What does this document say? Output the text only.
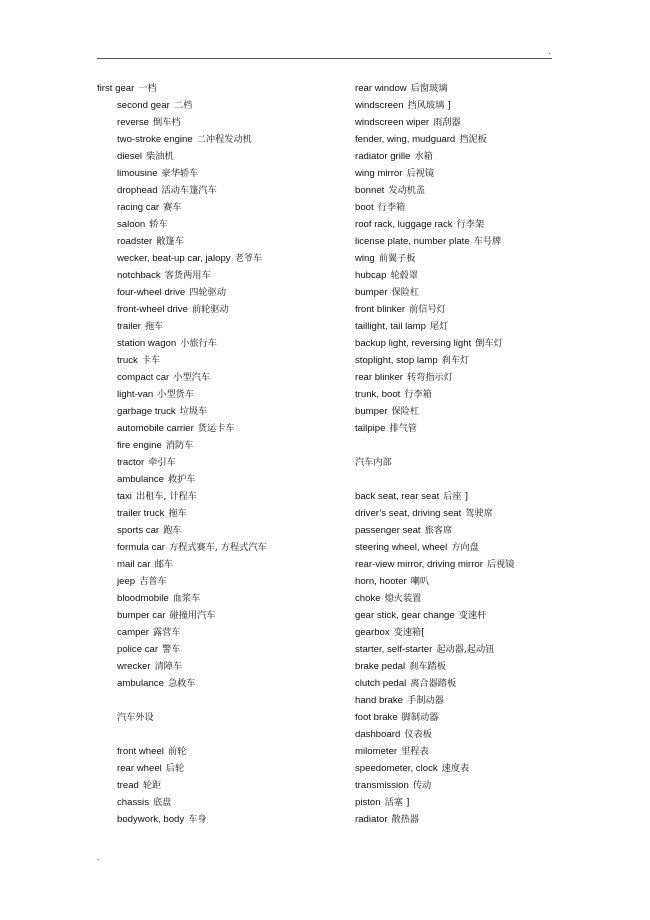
.
first gear 一档
second gear 二档
reverse 倒车档
two-stroke engine 二冲程发动机
diesel 柴油机
limousine 豪华轿车
drophead 活动车篷汽车
racing car 赛车
saloon 轿车
roadster 敞篷车
wecker, beat-up car, jalopy 老爷车
notchback 客货两用车
four-wheel drive 四轮驱动
front-wheel drive 前轮驱动
trailer 拖车
station wagon 小旅行车
truck 卡车
compact car 小型汽车
light-van 小型货车
garbage truck 垃圾车
automobile carrier 货运卡车
fire engine 消防车
tractor 牵引车
ambulance 救护车
taxi 出租车, 计程车
trailer truck 拖车
sports car 跑车
formula car 方程式赛车, 方程式汽车
mail car 邮车
jeep 吉普车
bloodmobile 血浆车
bumper car 碰撞用汽车
camper 露营车
police car 警车
wrecker 清障车
ambulance 急救车
汽车外设
front wheel 前轮
rear wheel 后轮
tread 轮距
chassis 底盘
bodywork, body 车身
rear window 后窗玻璃
windscreen 挡风玻璃 ]
windscreen wiper 雨刮器
fender, wing, mudguard 挡泥板
radiator grille 水箱
wing mirror 后视镜
bonnet 发动机盖
boot 行李箱
roof rack, luggage rack 行李架
license plate, number plate 车号牌
wing 前翼子板
hubcap 轮毂罩
bumper 保险杠
front blinker 前信号灯
taillight, tail lamp 尾灯
backup light, reversing light 倒车灯
stoplight, stop lamp 刹车灯
rear blinker 转弯指示灯
trunk, boot 行李箱
bumper 保险杠
tailpipe 排气管
汽车内部
back seat, rear seat 后座 ]
driver’s seat, driving seat 驾驶席
passenger seat 旅客席
steering wheel, wheel 方向盘
rear-view mirror, driving mirror 后视镜
horn, hooter 喇叭
choke 熄火装置
gear stick, gear change 变速杆
gearbox 变速箱[
starter, self-starter 起动器,起动钮
brake pedal 刹车踏板
clutch pedal 离合器踏板
hand brake 手制动器
foot brake 脚制动器
dashboard 仪表板
milometer 里程表
speedometer, clock 速度表
transmission 传动
piston 活塞 ]
radiator 散热器
.
